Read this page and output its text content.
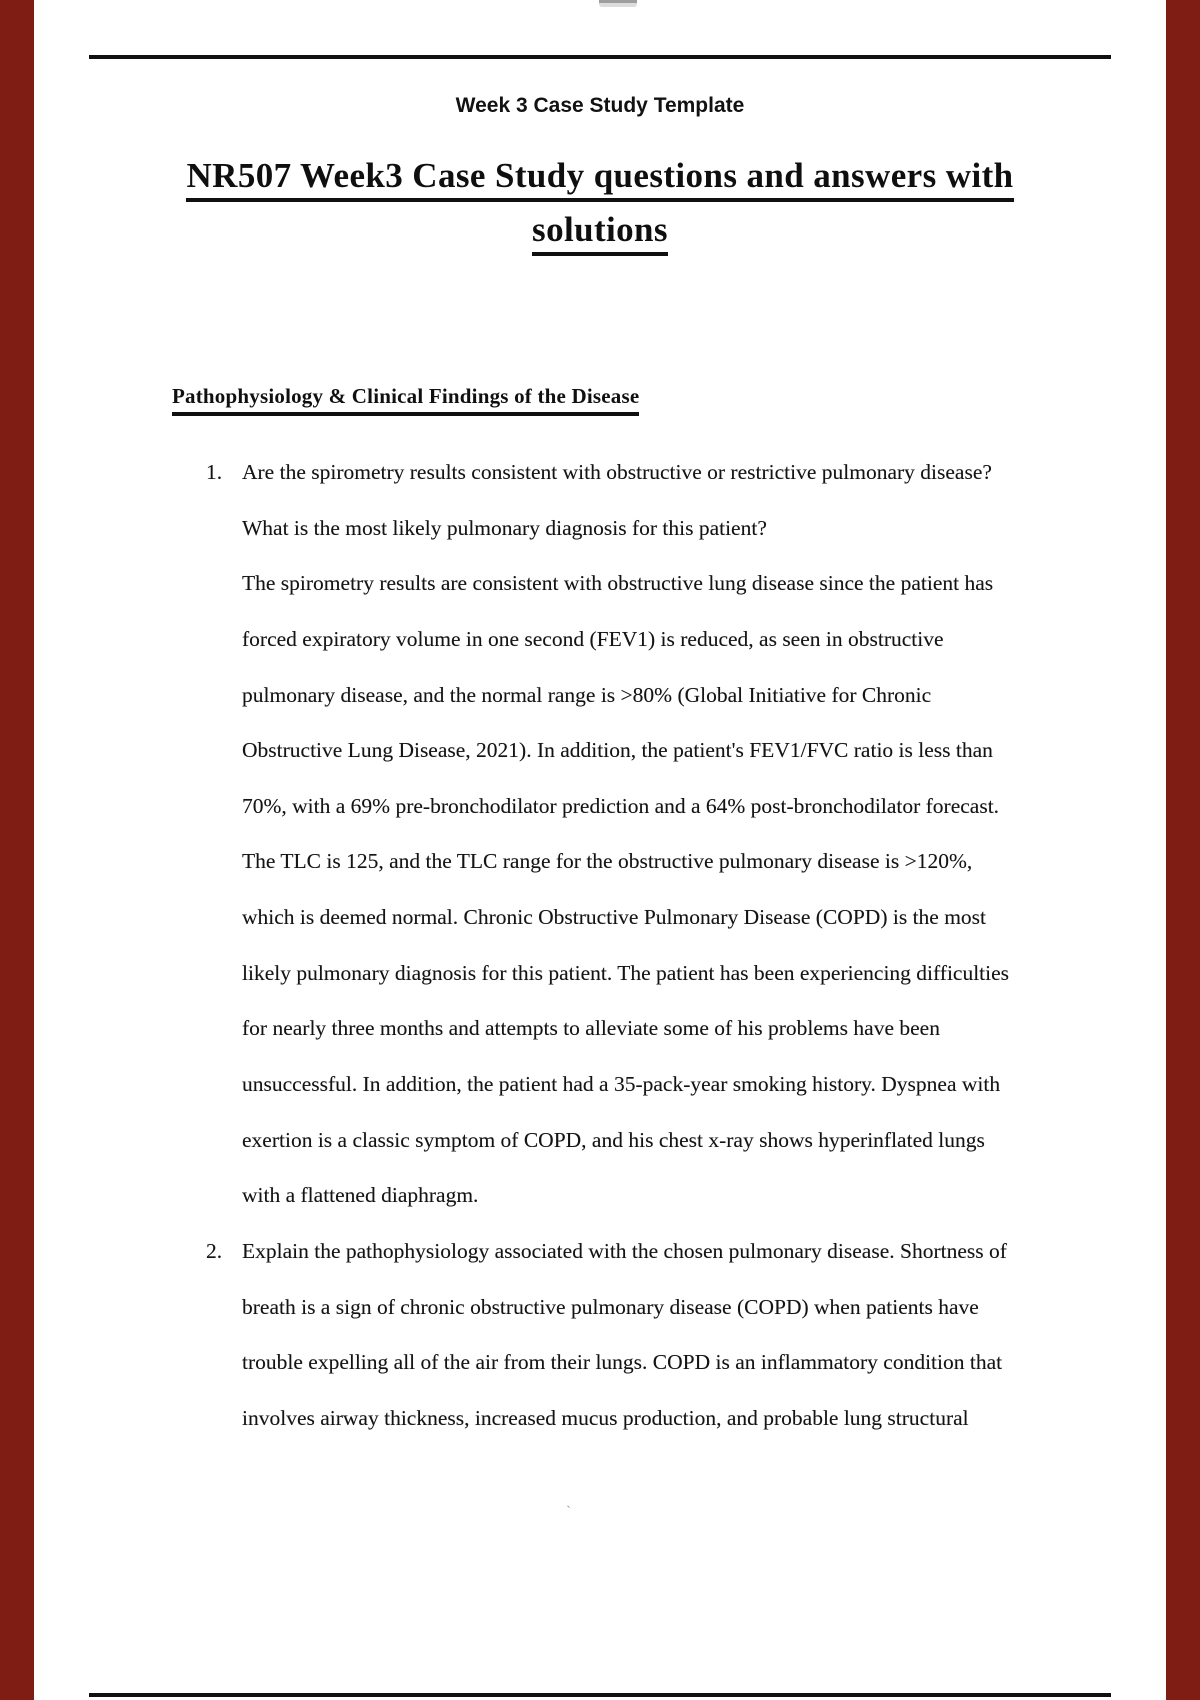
Week 3 Case Study Template
NR507 Week3 Case Study questions and answers with
solutions
Pathophysiology & Clinical Findings of the Disease
1. Are the spirometry results consistent with obstructive or restrictive pulmonary disease?
What is the most likely pulmonary diagnosis for this patient?
The spirometry results are consistent with obstructive lung disease since the patient has
forced expiratory volume in one second (FEV1) is reduced, as seen in obstructive
pulmonary disease, and the normal range is >80% (Global Initiative for Chronic
Obstructive Lung Disease, 2021). In addition, the patient's FEV1/FVC ratio is less than
70%, with a 69% pre-bronchodilator prediction and a 64% post-bronchodilator forecast.
The TLC is 125, and the TLC range for the obstructive pulmonary disease is >120%,
which is deemed normal. Chronic Obstructive Pulmonary Disease (COPD) is the most
likely pulmonary diagnosis for this patient. The patient has been experiencing difficulties
for nearly three months and attempts to alleviate some of his problems have been
unsuccessful. In addition, the patient had a 35-pack-year smoking history. Dyspnea with
exertion is a classic symptom of COPD, and his chest x-ray shows hyperinflated lungs
with a flattened diaphragm.
2. Explain the pathophysiology associated with the chosen pulmonary disease. Shortness of
breath is a sign of chronic obstructive pulmonary disease (COPD) when patients have
trouble expelling all of the air from their lungs. COPD is an inflammatory condition that
involves airway thickness, increased mucus production, and probable lung structural
ˋ
